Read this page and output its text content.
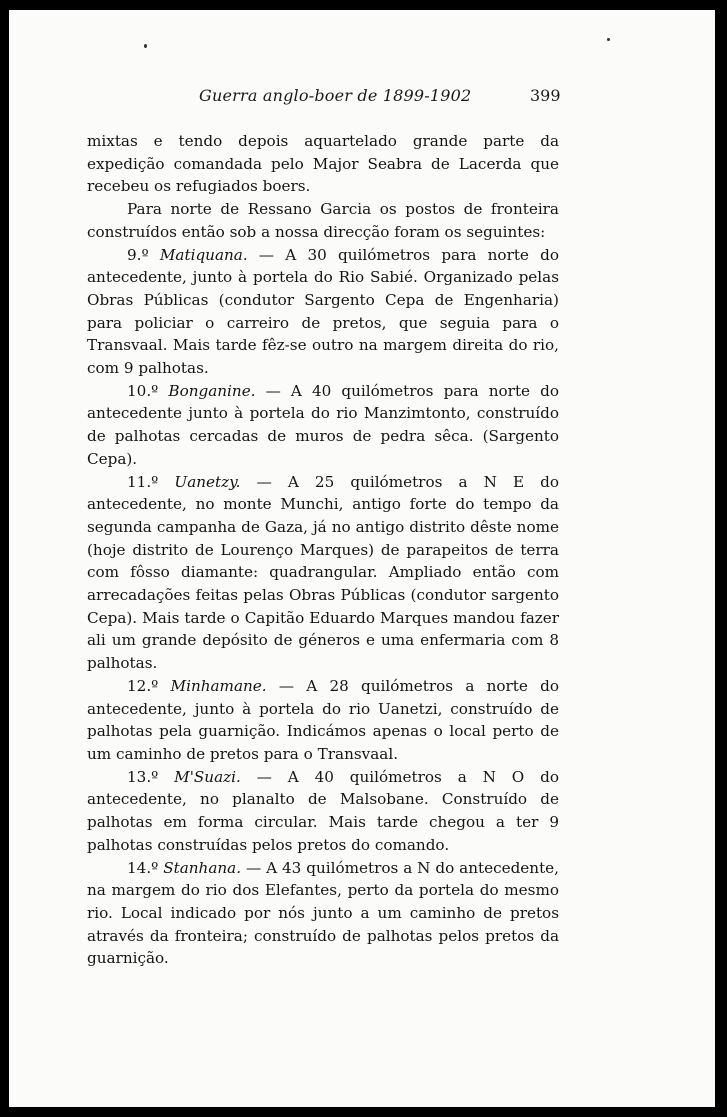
Guerra anglo-boer de 1899-1902	399

mixtas e tendo depois aquartelado grande parte da expedição comandada pelo Major Seabra de Lacerda que recebeu os refugiados boers.

Para norte de Ressano Garcia os postos de fronteira construídos então sob a nossa direcção foram os seguintes:

9.º Matiquana. — A 30 quilómetros para norte do antecedente, junto à portela do Rio Sabié. Organizado pelas Obras Públicas (condutor Sargento Cepa de Engenharia) para policiar o carreiro de pretos, que seguia para o Transvaal. Mais tarde fêz-se outro na margem direita do rio, com 9 palhotas.

10.º Bonganine. — A 40 quilómetros para norte do antecedente junto à portela do rio Manzimtonto, construído de palhotas cercadas de muros de pedra sêca. (Sargento Cepa).

11.º Uanetzy. — A 25 quilómetros a N E do antecedente, no monte Munchi, antigo forte do tempo da segunda campanha de Gaza, já no antigo distrito dêste nome (hoje distrito de Lourenço Marques) de parapeitos de terra com fôsso diamante: quadrangular. Ampliado então com arrecadações feitas pelas Obras Públicas (condutor sargento Cepa). Mais tarde o Capitão Eduardo Marques mandou fazer ali um grande depósito de géneros e uma enfermaria com 8 palhotas.

12.º Minhamane. — A 28 quilómetros a norte do antecedente, junto à portela do rio Uanetzi, construído de palhotas pela guarnição. Indicámos apenas o local perto de um caminho de pretos para o Transvaal.

13.º M'Suazi. — A 40 quilómetros a N O do antecedente, no planalto de Malsobane. Construído de palhotas em forma circular. Mais tarde chegou a ter 9 palhotas construídas pelos pretos do comando.

14.º Stanhana. — A 43 quilómetros a N do antecedente, na margem do rio dos Elefantes, perto da portela do mesmo rio. Local indicado por nós junto a um caminho de pretos através da fronteira; construído de palhotas pelos pretos da guarnição.
